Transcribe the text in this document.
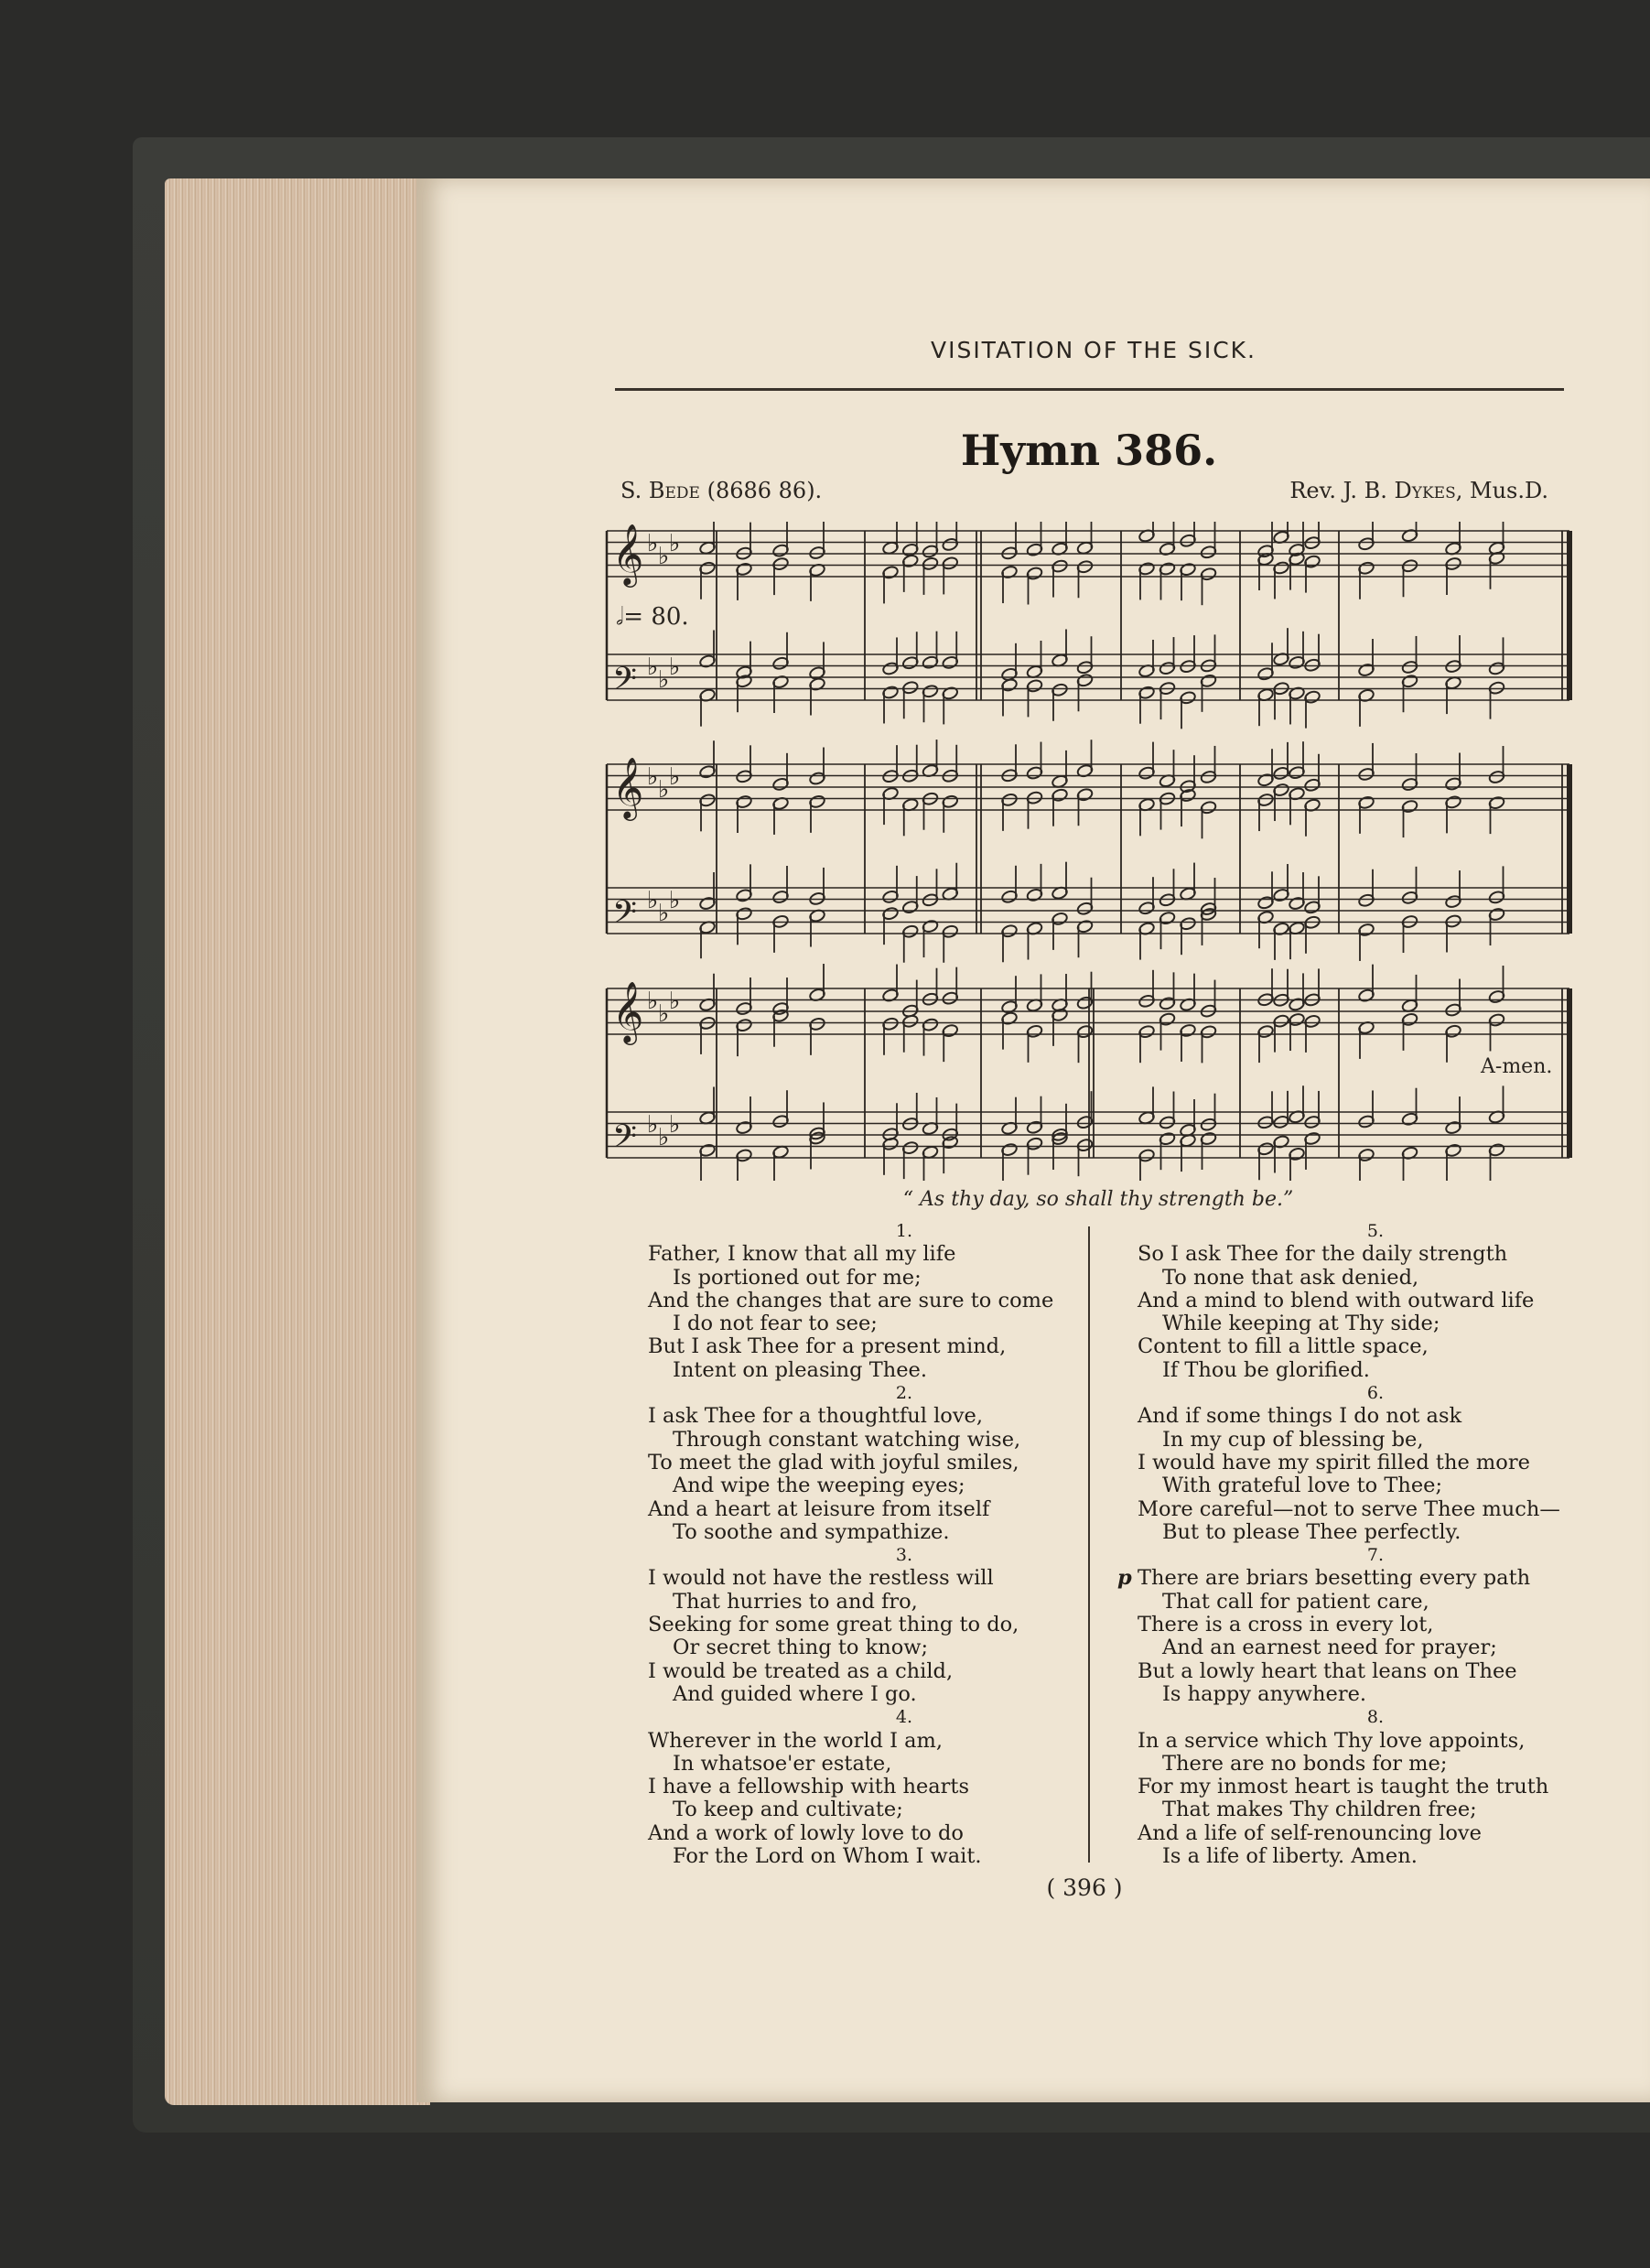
VISITATION OF THE SICK.
Hymn 386.
S. Bede (8686 86).	Rev. J. B. Dykes, Mus.D.
𝄞 ♭ ♭ ♭
𝄢 ♭ ♭ ♭
𝄞 ♭ ♭ ♭
𝄢 ♭ ♭ ♭
𝄞 ♭ ♭ ♭
𝄢 ♭ ♭ ♭
𝅗𝅥= 80.
A-men.
“ As thy day, so shall thy strength be.”
1.
Father, I know that all my life
Is portioned out for me;
And the changes that are sure to come
I do not fear to see;
But I ask Thee for a present mind,
Intent on pleasing Thee.
2.
I ask Thee for a thoughtful love,
Through constant watching wise,
To meet the glad with joyful smiles,
And wipe the weeping eyes;
And a heart at leisure from itself
To soothe and sympathize.
3.
I would not have the restless will
That hurries to and fro,
Seeking for some great thing to do,
Or secret thing to know;
I would be treated as a child,
And guided where I go.
4.
Wherever in the world I am,
In whatsoe'er estate,
I have a fellowship with hearts
To keep and cultivate;
And a work of lowly love to do
For the Lord on Whom I wait.
5.
So I ask Thee for the daily strength
To none that ask denied,
And a mind to blend with outward life
While keeping at Thy side;
Content to fill a little space,
If Thou be glorified.
6.
And if some things I do not ask
In my cup of blessing be,
I would have my spirit filled the more
With grateful love to Thee;
More careful—not to serve Thee much—
But to please Thee perfectly.
7.
p There are briars besetting every path
That call for patient care,
There is a cross in every lot,
And an earnest need for prayer;
But a lowly heart that leans on Thee
Is happy anywhere.
8.
In a service which Thy love appoints,
There are no bonds for me;
For my inmost heart is taught the truth
That makes Thy children free;
And a life of self-renouncing love
Is a life of liberty. Amen.
( 396 )
